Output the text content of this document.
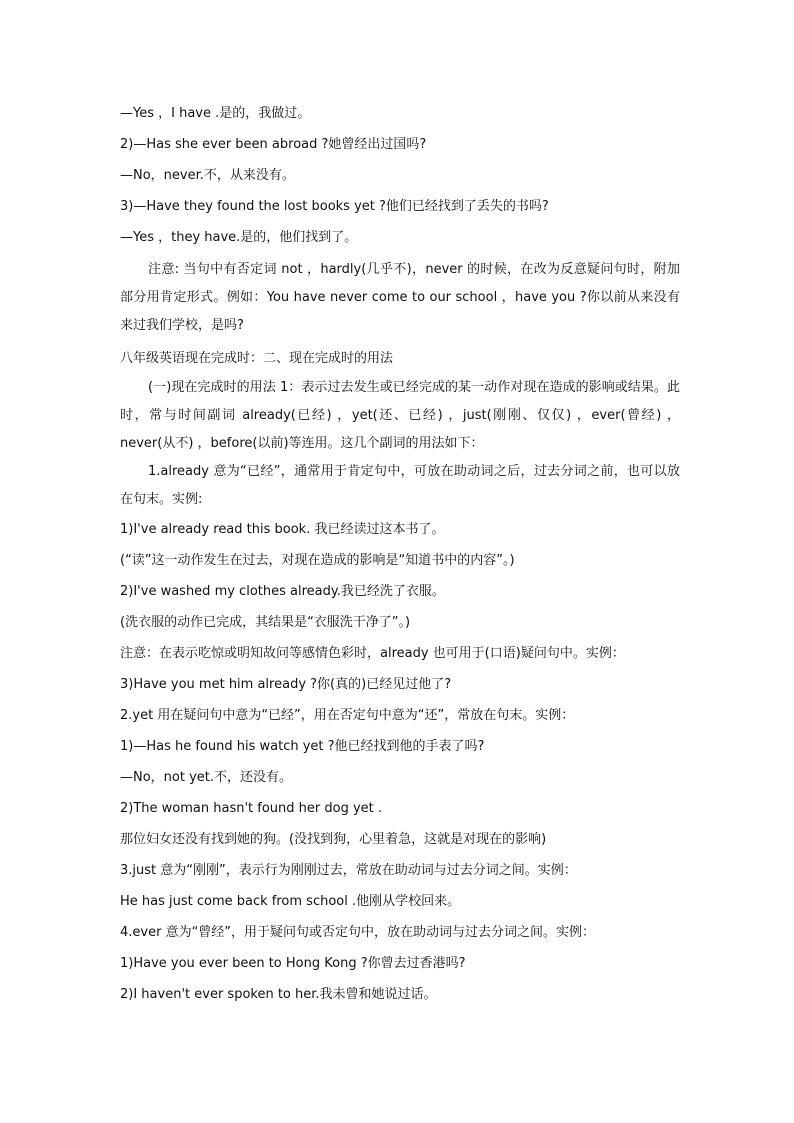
—Yes ，I have .是的，我做过。

2)—Has she ever been abroad ?她曾经出过国吗?

—No，never.不，从来没有。

3)—Have they found the lost books yet ?他们已经找到了丢失的书吗?

—Yes ，they have.是的，他们找到了。

注意: 当句中有否定词 not ，hardly(几乎不)，never 的时候，在改为反意疑问句时，附加部分用肯定形式。例如：You have never come to our school ，have you ?你以前从来没有来过我们学校，是吗?

八年级英语现在完成时：二、现在完成时的用法

(一)现在完成时的用法 1：表示过去发生或已经完成的某一动作对现在造成的影响或结果。此时，常与时间副词 already(已经) ，yet(还、已经) ，just(刚刚、仅仅) ，ever(曾经) ，never(从不) ，before(以前)等连用。这几个副词的用法如下：

1.already 意为“已经”，通常用于肯定句中，可放在助动词之后，过去分词之前，也可以放在句末。实例:

1)I've already read this book. 我已经读过这本书了。

(“读”这一动作发生在过去，对现在造成的影响是“知道书中的内容”。)

2)I've washed my clothes already.我已经洗了衣服。

(洗衣服的动作已完成，其结果是“衣服洗干净了”。)

注意：在表示吃惊或明知故问等感情色彩时，already 也可用于(口语)疑问句中。实例：

3)Have you met him already ?你(真的)已经见过他了?

2.yet 用在疑问句中意为“已经”，用在否定句中意为“还”，常放在句末。实例：

1)—Has he found his watch yet ?他已经找到他的手表了吗?

—No，not yet.不，还没有。

2)The woman hasn't found her dog yet .

那位妇女还没有找到她的狗。(没找到狗，心里着急，这就是对现在的影响)

3.just 意为“刚刚”，表示行为刚刚过去，常放在助动词与过去分词之间。实例：

He has just come back from school .他刚从学校回来。

4.ever 意为“曾经”，用于疑问句或否定句中，放在助动词与过去分词之间。实例：

1)Have you ever been to Hong Kong ?你曾去过香港吗?

2)I haven't ever spoken to her.我未曾和她说过话。
